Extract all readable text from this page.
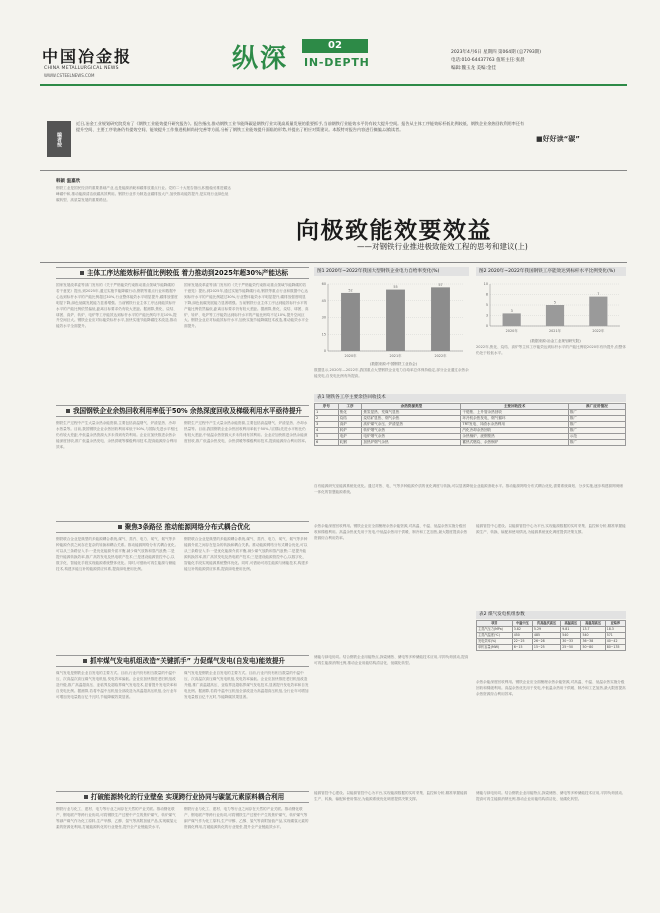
中国冶金报
CHINA METALLURGICAL NEWS
WWW.CSTEELNEWS.COM
纵深	02
IN-DEPTH
2023年4月6日 星期四 第064期 (总7793期)
电话:010-64437763 值班主任:张晨
编辑:魏玉龙 美编:金佳
编者按
近日,冶金工业规划研究院发布了《钢铁工业能效提升研究报告》。报告指出,推动钢铁工业节能降碳是钢铁行业实现高质量发展的重要抓手,当前钢铁行业能效水平仍有较大提升空间。报告从主体工序能效标杆低比例较低、钢铁企业余热回收利用率还有提升空间、主要工序装备仍有提效空间、能效提升工作推进机制尚待完善等方面,分析了钢铁工业能效提升面临的形势,并提出了相应对策建议。本版特对报告内容进行摘编,以飨读者。
■好好读“碳”
韩颖 温嘉欣
钢铁工业是国民经济的重要基础产业,也是能源消耗和碳排放重点行业。党的二十大报告指出,积极稳妥推进碳达峰碳中和,推动能源清洁低碳高效利用。钢铁行业作为制造业碳排放大户,加快推动能效提升,是实现行业绿色低碳转型、高质量发展的重要路径。
向极致能效要效益
——对钢铁行业推进极致能效工程的思考和建议(上)
主体工序达能效标杆值比例较低 着力推动到2025年超30%产能达标
国家发展改革委等部门发布的《关于严格能效约束推动重点领域节能降碳的若干意见》提出,到2025年,通过实施节能降碳行动,钢铁等重点行业和数据中心达到标杆水平的产能比例超过30%,行业整体能效水平明显提升,碳排放强度明显下降,绿色低碳发展能力显著增强。当前钢铁行业主体工序达到能效标杆水平的产能比例依然偏低,距离目标要求仍有较大差距。据测算,焦化、烧结、球团、高炉、转炉、电炉等工序能效达到标杆水平的产能比例均不足10%,提升空间巨大。钢铁企业应对标能效标杆水平,加快实施节能降碳技术改造,推动能效水平全面提升。
国家发展改革委等部门发布的《关于严格能效约束推动重点领域节能降碳的若干意见》提出,到2025年,通过实施节能降碳行动,钢铁等重点行业和数据中心达到标杆水平的产能比例超过30%,行业整体能效水平明显提升,碳排放强度明显下降,绿色低碳发展能力显著增强。当前钢铁行业主体工序达到能效标杆水平的产能比例依然偏低,距离目标要求仍有较大差距。据测算,焦化、烧结、球团、高炉、转炉、电炉等工序能效达到标杆水平的产能比例均不足10%,提升空间巨大。钢铁企业应对标能效标杆水平,加快实施节能降碳技术改造,推动能效水平全面提升。
图1 2020年~2022年我国大型钢铁企业电力自给率变化(%)
0
15
30
45
60
52
2020年
55
2021年
57
2022年
(数据来源:中国钢铁工业协会)
图2 2020年~2022年我国钢铁工序能效达到标杆水平比例变化(%)
0
3
5
8
10
3
2020年
5
2021年
7
2022年
(数据来源:冶金工业规划研究院)
数据显示,2020年—2022年,我国重点大型钢铁企业电力自给率总体保持稳定,部分企业通过余热余能发电,自发电比例有所提高。
2022年,焦化、烧结、高炉等主体工序能效达到标杆水平的产能比例较2020年有所提升,但整体仍处于较低水平。
表1 钢铁各工序主要余热回收技术
序号	工序	余热资源类型	主要回收技术	推广应用情况
1	焦化	焦炭显热、荒煤气显热	干熄焦、上升管余热回收	推广
2	烧结	烧结矿显热、烟气余热	环冷机余热发电、烟气循环	推广
3	高炉	高炉煤气余压、炉渣显热	TRT发电、冲渣水余热利用	推广
4	转炉	转炉烟气余热	汽化冷却余热回收	推广
5	电炉	电炉烟气余热	余热锅炉、废钢预热	示范
6	轧钢	加热炉烟气余热	蓄热式燃烧、余热锅炉	推广
我国钢铁企业余热回收利用率低于50% 余热深度回收及梯级利用水平亟待提升
钢铁生产过程中产生大量余热余能资源,主要包括高温烟气、炉渣显热、冷却水热量等。目前,我国钢铁企业余热回收利用率低于50%,与国际先进水平相比仍有较大差距,中低温余热资源大多未得到有效利用。企业应加快推进余热余能深度回收,推广低温余热发电、余热供暖等梯级利用技术,提高能源综合利用效率。
钢铁生产过程中产生大量余热余能资源,主要包括高温烟气、炉渣显热、冷却水热量等。目前,我国钢铁企业余热回收利用率低于50%,与国际先进水平相比仍有较大差距,中低温余热资源大多未得到有效利用。企业应加快推进余热余能深度回收,推广低温余热发电、余热供暖等梯级利用技术,提高能源综合利用效率。
自有能源研究室能源系统化优化。通过对热、电、气等多种能源介质的优化调度与转换,可以显著降低企业能源消耗水平。推动能源网络分布式耦合优化,需要系统谋划、分步实施,逐步构建源网荷储一体化的智慧能源系统。
聚焦3条路径 推动能源网络分布式耦合优化
钢铁联合企业是典型的多能源耦合系统,煤气、蒸汽、电力、氧气、氮气等多种能源介质之间存在复杂的转换和耦合关系。推动能源网络分布式耦合优化,可以从三条路径入手:一是优化能源介质平衡,减少煤气放散和蒸汽浪费;二是提升能源转换效率,推广高效发电及热电联产技术;三是建设能源管控中心,以数字化、智能化手段实现能源系统整体优化。同时,可借助可再生能源与储能技术,构建多能互补的能源供应体系,提高绿电使用比例。
钢铁联合企业是典型的多能源耦合系统,煤气、蒸汽、电力、氧气、氮气等多种能源介质之间存在复杂的转换和耦合关系。推动能源网络分布式耦合优化,可以从三条路径入手:一是优化能源介质平衡,减少煤气放散和蒸汽浪费;二是提升能源转换效率,推广高效发电及热电联产技术;三是建设能源管控中心,以数字化、智能化手段实现能源系统整体优化。同时,可借助可再生能源与储能技术,构建多能互补的能源供应体系,提高绿电使用比例。
余热余能深度回收利用。钢铁企业应全面梳理余热余能资源,对高温、中温、低温余热实施分级回收和梯级利用。高温余热优先用于发电,中低温余热用于供暖、制冷和工艺加热,最大限度提高余热资源综合利用效率。
能源管控中心建设。以能源管控中心为平台,实现能源数据的实时采集、监控和分析,精准掌握能源生产、转换、输配和使用情况,为能源系统优化调度提供决策支撑。
表2 煤气发电机组参数
项目	中温中压	次高温次高压	高温高压	高温超高压	亚临界
主蒸汽压力(MPa)	3.82	5.29	9.81	13.7	18.3
主蒸汽温度(℃)	450	485	540	540	571
发电效率(%)	22~25	26~28	30~33	36~38	40~42
单机容量(MW)	6~15	15~25	25~50	50~80	80~135
抓牢煤气发电机组改造“关键抓手” 力促煤气发电(自发电)能效提升
煤气发电是钢铁企业自发电的主要方式。目前,行业内仍有相当数量的中温中压、次高温次高压煤气发电机组,发电效率偏低。企业应加快推进老旧机组改造升级,推广高温超高压、亚临界及超临界煤气发电技术,显著提升发电效率和自发电比例。据测算,若将中温中压机组全部改造为高温超高压机组,全行业年可增加发电量数百亿千瓦时,节能降碳效果显著。
煤气发电是钢铁企业自发电的主要方式。目前,行业内仍有相当数量的中温中压、次高温次高压煤气发电机组,发电效率偏低。企业应加快推进老旧机组改造升级,推广高温超高压、亚临界及超临界煤气发电技术,显著提升发电效率和自发电比例。据测算,若将中温中压机组全部改造为高温超高压机组,全行业年可增加发电量数百亿千瓦时,节能降碳效果显著。
储能与绿电协同。结合钢铁企业用能特点,探索储热、储电等多种储能技术应用,平抑负荷波动,提高可再生能源消纳比例,推动企业用能结构清洁化、低碳化转型。
余热余能深度回收利用。钢铁企业应全面梳理余热余能资源,对高温、中温、低温余热实施分级回收和梯级利用。高温余热优先用于发电,中低温余热用于供暖、制冷和工艺加热,最大限度提高余热资源综合利用效率。
打破能源转化的行业壁垒 实现跨行业协同与碳氢元素原料耦合利用
钢铁行业与化工、建材、电力等行业之间存在天然的产业关联。推动钢化联产、钢电联产等跨行业协同,可将钢铁生产过程中产生的焦炉煤气、转炉煤气等副产煤气作为化工原料,生产甲醇、乙醇、氢气等高附加值产品,实现碳氢元素的资源化利用,打破能源转化的行业壁垒,提升全产业链能效水平。
钢铁行业与化工、建材、电力等行业之间存在天然的产业关联。推动钢化联产、钢电联产等跨行业协同,可将钢铁生产过程中产生的焦炉煤气、转炉煤气等副产煤气作为化工原料,生产甲醇、乙醇、氢气等高附加值产品,实现碳氢元素的资源化利用,打破能源转化的行业壁垒,提升全产业链能效水平。
能源管控中心建设。以能源管控中心为平台,实现能源数据的实时采集、监控和分析,精准掌握能源生产、转换、输配和使用情况,为能源系统优化调度提供决策支撑。
储能与绿电协同。结合钢铁企业用能特点,探索储热、储电等多种储能技术应用,平抑负荷波动,提高可再生能源消纳比例,推动企业用能结构清洁化、低碳化转型。
